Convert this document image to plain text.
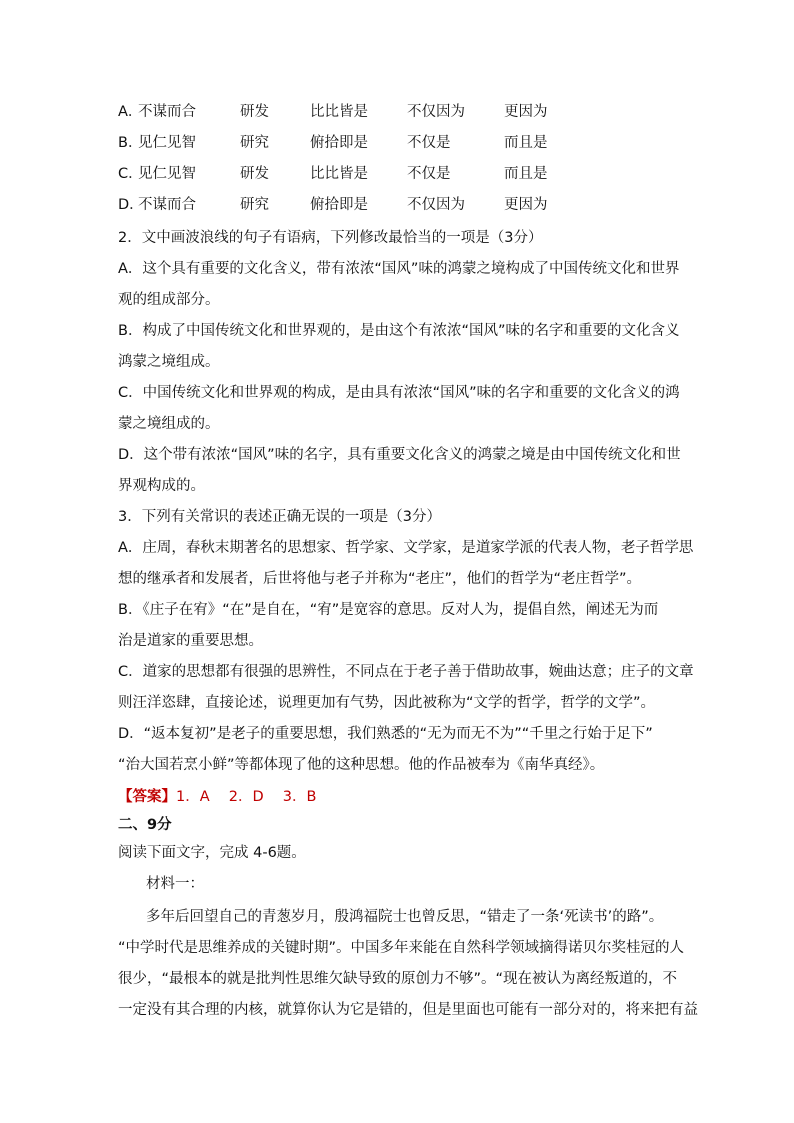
A．
不谋而合	研发	比比皆是	不仅因为	更因为
B．
见仁见智	研究	俯拾即是	不仅是	而且是
C．
见仁见智	研发	比比皆是	不仅是	而且是
D．
不谋而合	研究	俯拾即是	不仅因为	更因为
2．文中画波浪线的句子有语病，下列修改最恰当的一项是（3分）
A．这个具有重要的文化含义，带有浓浓“国风”味的鸿蒙之境构成了中国传统文化和世界
观的组成部分。
B．构成了中国传统文化和世界观的，是由这个有浓浓“国风”味的名字和重要的文化含义
鸿蒙之境组成。
C．中国传统文化和世界观的构成，是由具有浓浓“国风”味的名字和重要的文化含义的鸿
蒙之境组成的。
D．这个带有浓浓“国风”味的名字，具有重要文化含义的鸿蒙之境是由中国传统文化和世
界观构成的。
3．下列有关常识的表述正确无误的一项是（3分）
A．庄周，春秋末期著名的思想家、哲学家、文学家，是道家学派的代表人物，老子哲学思
想的继承者和发展者，后世将他与老子并称为“老庄”，他们的哲学为“老庄哲学”。
B．《庄子在宥》“在”是自在，“宥”是宽容的意思。反对人为，提倡自然，阐述无为而
治是道家的重要思想。
C．道家的思想都有很强的思辨性，不同点在于老子善于借助故事，婉曲达意；庄子的文章
则汪洋恣肆，直接论述，说理更加有气势，因此被称为“文学的哲学，哲学的文学”。
D．“返本复初”是老子的重要思想，我们熟悉的“无为而无不为”“千里之行始于足下”
“治大国若烹小鲜”等都体现了他的这种思想。他的作品被奉为《南华真经》。
【答案】1．A　 2．D　 3．B
二、9分
阅读下面文字，完成 4-6题。
材料一：
多年后回望自己的青葱岁月，殷鸿福院士也曾反思，“错走了一条‘死读书’的路”。
“中学时代是思维养成的关键时期”。中国多年来能在自然科学领域摘得诺贝尔奖桂冠的人
很少，“最根本的就是批判性思维欠缺导致的原创力不够”。“现在被认为离经叛道的，不
一定没有其合理的内核，就算你认为它是错的，但是里面也可能有一部分对的，将来把有益
